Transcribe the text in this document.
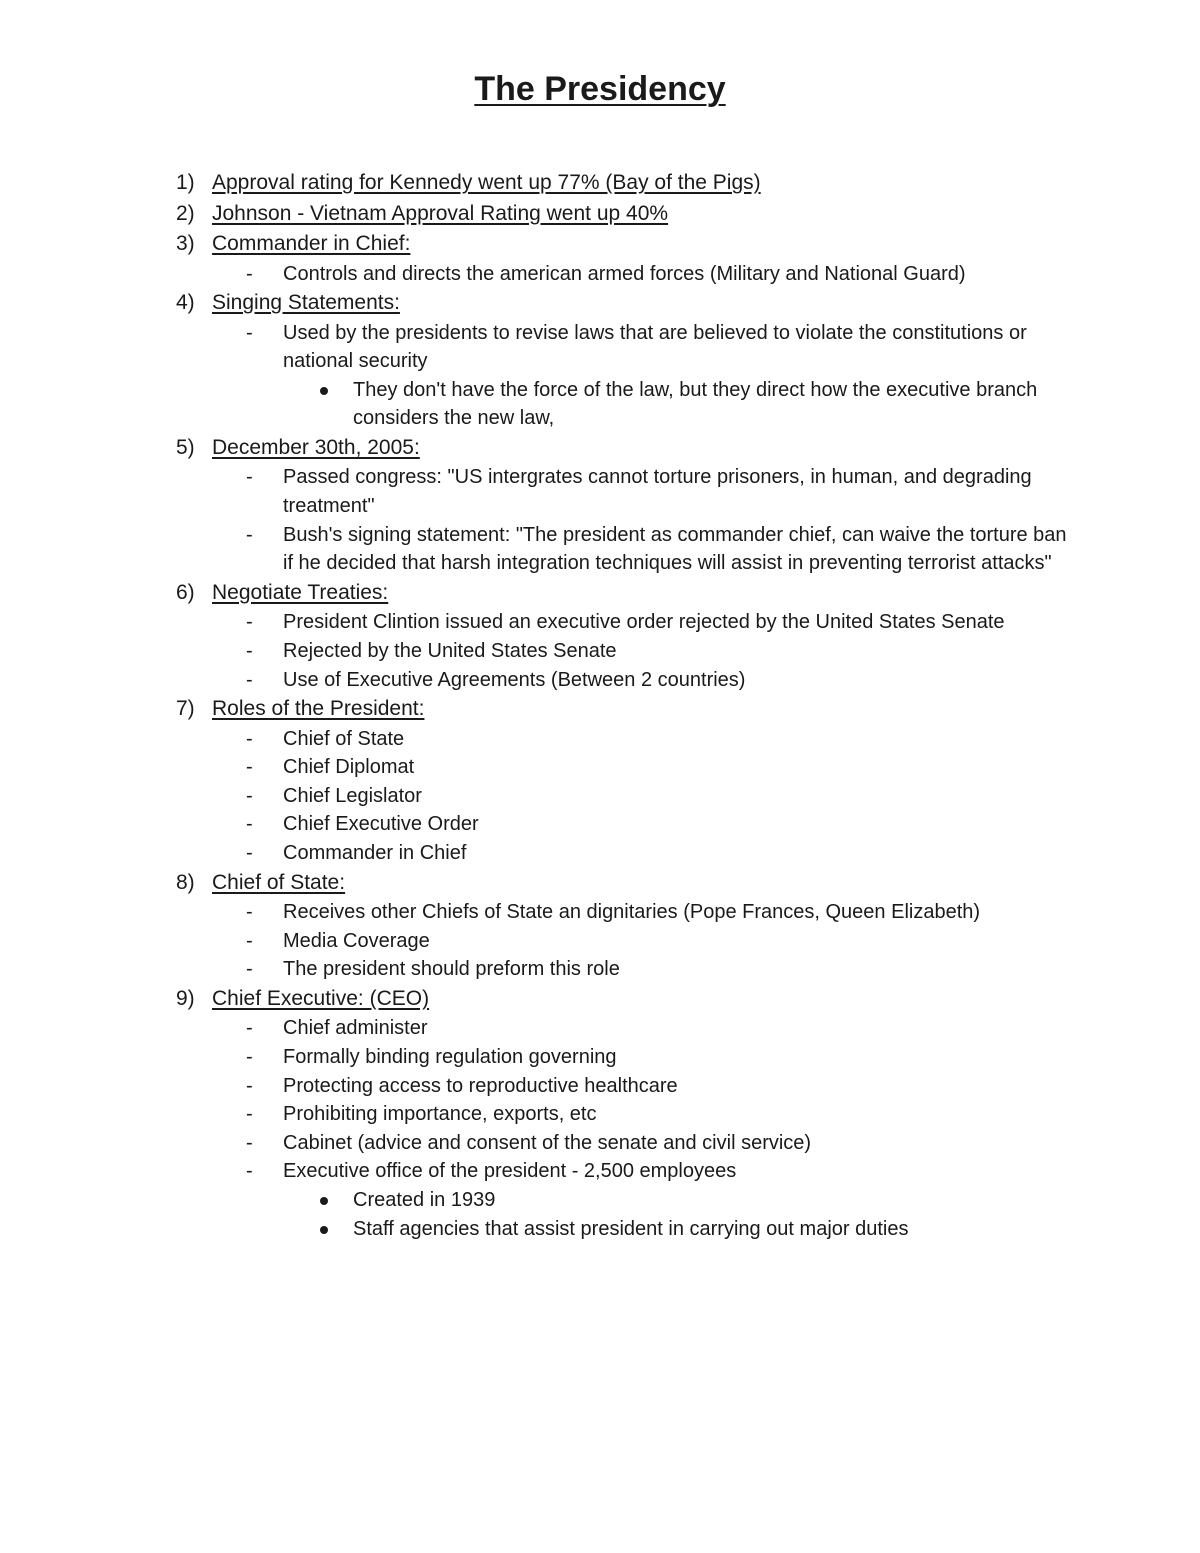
The Presidency
1) Approval rating for Kennedy went up 77% (Bay of the Pigs)
2) Johnson - Vietnam Approval Rating went up 40%
3) Commander in Chief:
- Controls and directs the american armed forces (Military and National Guard)
4) Singing Statements:
- Used by the presidents to revise laws that are believed to violate the constitutions or national security
They don't have the force of the law, but they direct how the executive branch considers the new law,
5) December 30th, 2005:
- Passed congress: "US intergrates cannot torture prisoners, in human, and degrading treatment"
- Bush's signing statement: "The president as commander chief, can waive the torture ban if he decided that harsh integration techniques will assist in preventing terrorist attacks"
6) Negotiate Treaties:
- President Clintion issued an executive order rejected by the United States Senate
- Rejected by the United States Senate
- Use of Executive Agreements (Between 2 countries)
7) Roles of the President:
- Chief of State
- Chief Diplomat
- Chief Legislator
- Chief Executive Order
- Commander in Chief
8) Chief of State:
- Receives other Chiefs of State an dignitaries (Pope Frances, Queen Elizabeth)
- Media Coverage
- The president should preform this role
9) Chief Executive: (CEO)
- Chief administer
- Formally binding regulation governing
- Protecting access to reproductive healthcare
- Prohibiting importance, exports, etc
- Cabinet (advice and consent of the senate and civil service)
- Executive office of the president - 2,500 employees
Created in 1939
Staff agencies that assist president in carrying out major duties
